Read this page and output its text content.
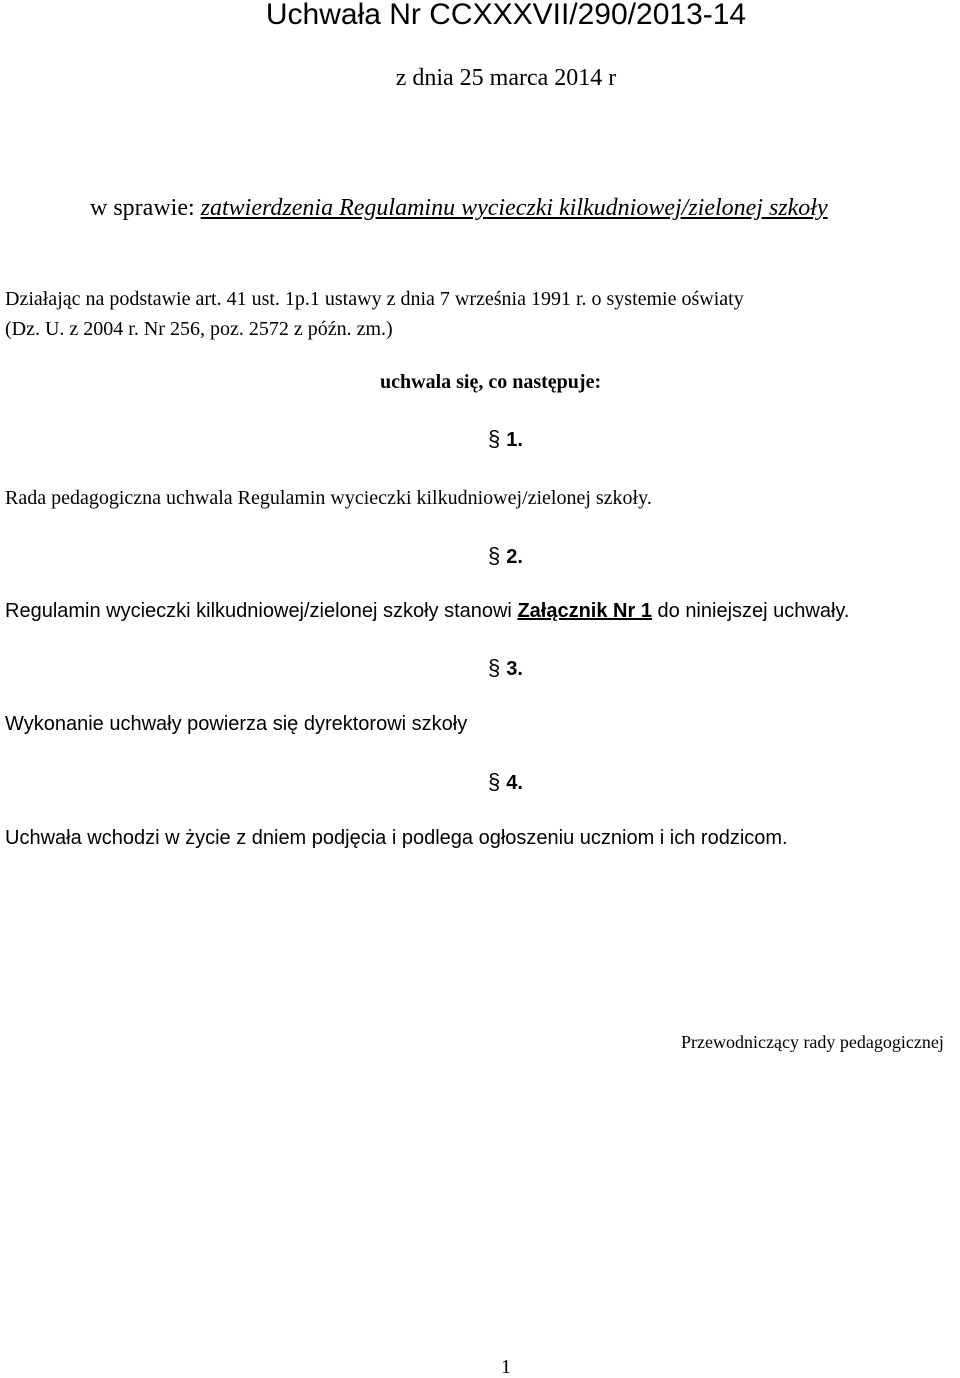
Uchwała Nr CCXXXVII/290/2013-14
z dnia 25 marca 2014 r
w sprawie: zatwierdzenia Regulaminu wycieczki kilkudniowej/zielonej szkoły
Działając na podstawie art. 41 ust. 1p.1 ustawy z dnia 7 września 1991 r. o systemie oświaty
(Dz. U. z 2004 r. Nr 256, poz. 2572 z późn. zm.)
uchwala się, co następuje:
§ 1.
Rada pedagogiczna uchwala Regulamin wycieczki kilkudniowej/zielonej szkoły.
§ 2.
Regulamin wycieczki kilkudniowej/zielonej szkoły stanowi Załącznik Nr 1 do niniejszej uchwały.
§ 3.
Wykonanie uchwały powierza się dyrektorowi szkoły
§ 4.
Uchwała wchodzi w życie z dniem podjęcia i podlega ogłoszeniu uczniom i ich rodzicom.
Przewodniczący rady pedagogicznej
1
